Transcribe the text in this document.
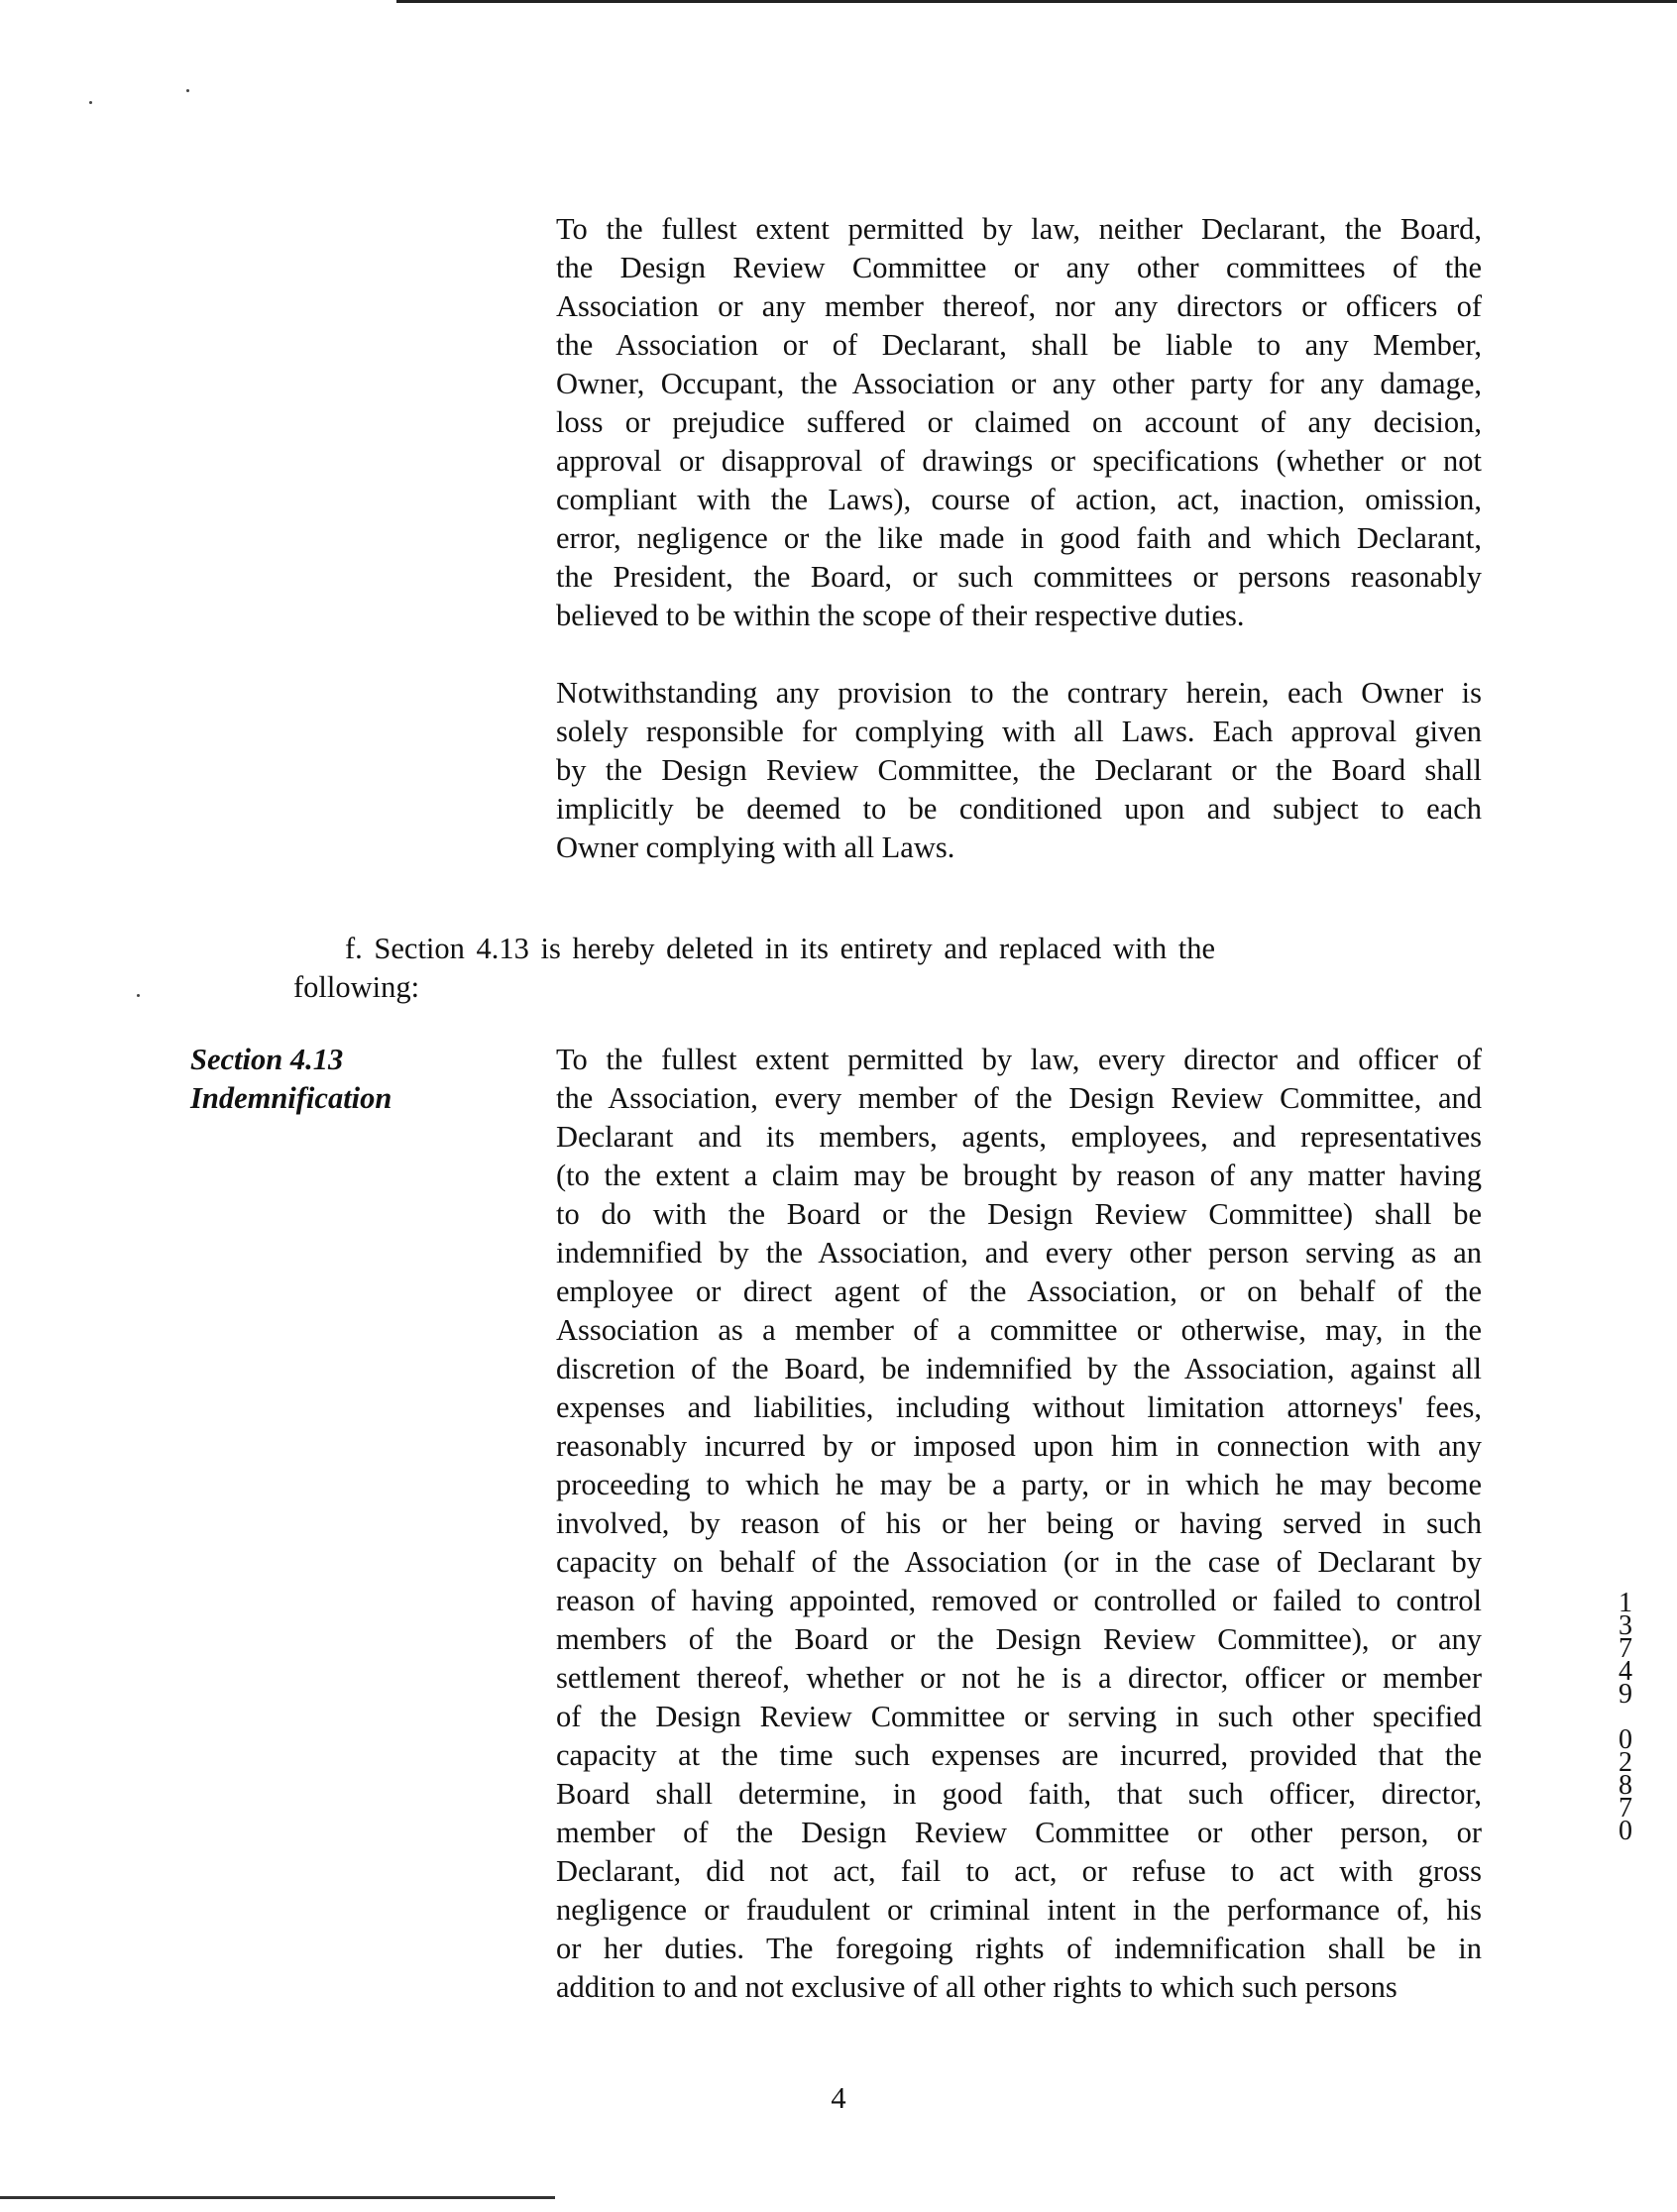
To the fullest extent permitted by law, neither Declarant, the Board,
the Design Review Committee or any other committees of the
Association or any member thereof, nor any directors or officers of
the Association or of Declarant, shall be liable to any Member,
Owner, Occupant, the Association or any other party for any damage,
loss or prejudice suffered or claimed on account of any decision,
approval or disapproval of drawings or specifications (whether or not
compliant with the Laws), course of action, act, inaction, omission,
error, negligence or the like made in good faith and which Declarant,
the President, the Board, or such committees or persons reasonably
believed to be within the scope of their respective duties.
Notwithstanding any provision to the contrary herein, each Owner is
solely responsible for complying with all Laws. Each approval given
by the Design Review Committee, the Declarant or the Board shall
implicitly be deemed to be conditioned upon and subject to each
Owner complying with all Laws.
f. Section 4.13 is hereby deleted in its entirety and replaced with the
following:
Section 4.13
Indemnification
To the fullest extent permitted by law, every director and officer of
the Association, every member of the Design Review Committee, and
Declarant and its members, agents, employees, and representatives
(to the extent a claim may be brought by reason of any matter having
to do with the Board or the Design Review Committee) shall be
indemnified by the Association, and every other person serving as an
employee or direct agent of the Association, or on behalf of the
Association as a member of a committee or otherwise, may, in the
discretion of the Board, be indemnified by the Association, against all
expenses and liabilities, including without limitation attorneys' fees,
reasonably incurred by or imposed upon him in connection with any
proceeding to which he may be a party, or in which he may become
involved, by reason of his or her being or having served in such
capacity on behalf of the Association (or in the case of Declarant by
reason of having appointed, removed or controlled or failed to control
members of the Board or the Design Review Committee), or any
settlement thereof, whether or not he is a director, officer or member
of the Design Review Committee or serving in such other specified
capacity at the time such expenses are incurred, provided that the
Board shall determine, in good faith, that such officer, director,
member of the Design Review Committee or other person, or
Declarant, did not act, fail to act, or refuse to act with gross
negligence or fraudulent or criminal intent in the performance of, his
or her duties. The foregoing rights of indemnification shall be in
addition to and not exclusive of all other rights to which such persons
1
3
7
4
9
0
2
8
7
0
4
